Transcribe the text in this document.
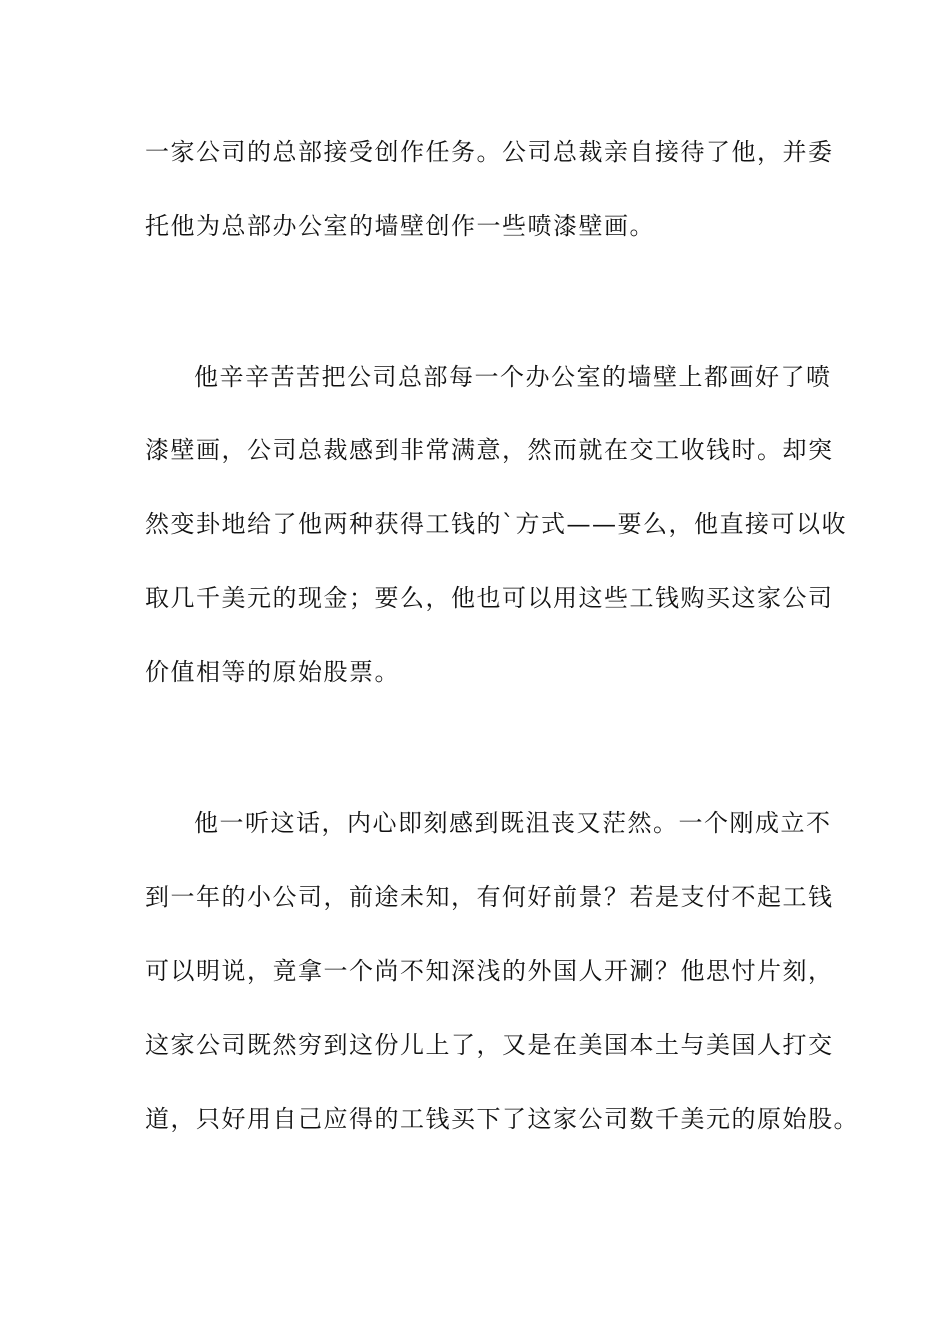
一家公司的总部接受创作任务。公司总裁亲自接待了他，并委
托他为总部办公室的墙壁创作一些喷漆壁画。
他辛辛苦苦把公司总部每一个办公室的墙壁上都画好了喷
漆壁画，公司总裁感到非常满意，然而就在交工收钱时。却突
然变卦地给了他两种获得工钱的`方式——要么，他直接可以收
取几千美元的现金；要么，他也可以用这些工钱购买这家公司
价值相等的原始股票。
他一听这话，内心即刻感到既沮丧又茫然。一个刚成立不
到一年的小公司，前途未知，有何好前景？若是支付不起工钱
可以明说，竟拿一个尚不知深浅的外国人开涮？他思忖片刻，
这家公司既然穷到这份儿上了，又是在美国本土与美国人打交
道，只好用自己应得的工钱买下了这家公司数千美元的原始股。
